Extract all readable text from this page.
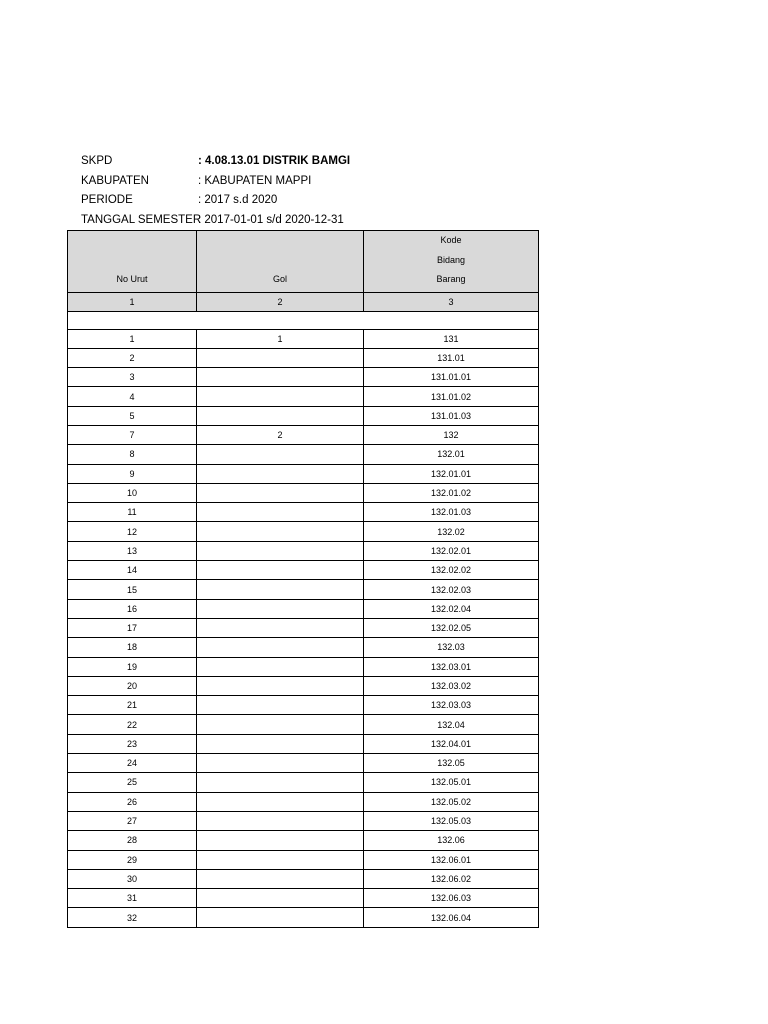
SKPD	: 4.08.13.01 DISTRIK BAMGI
KABUPATEN	: KABUPATEN MAPPI
PERIODE	: 2017 s.d 2020
TANGGAL SEMESTER
: 2017-01-01 s/d 2020-12-31
No Urut	Gol	Kode
Bidang
Barang

1	2	3

1	1	131
2		131.01
3		131.01.01
4		131.01.02
5		131.01.03
7	2	132
8		132.01
9		132.01.01
10		132.01.02
11		132.01.03
12		132.02
13		132.02.01
14		132.02.02
15		132.02.03
16		132.02.04
17		132.02.05
18		132.03
19		132.03.01
20		132.03.02
21		132.03.03
22		132.04
23		132.04.01
24		132.05
25		132.05.01
26		132.05.02
27		132.05.03
28		132.06
29		132.06.01
30		132.06.02
31		132.06.03
32		132.06.04
